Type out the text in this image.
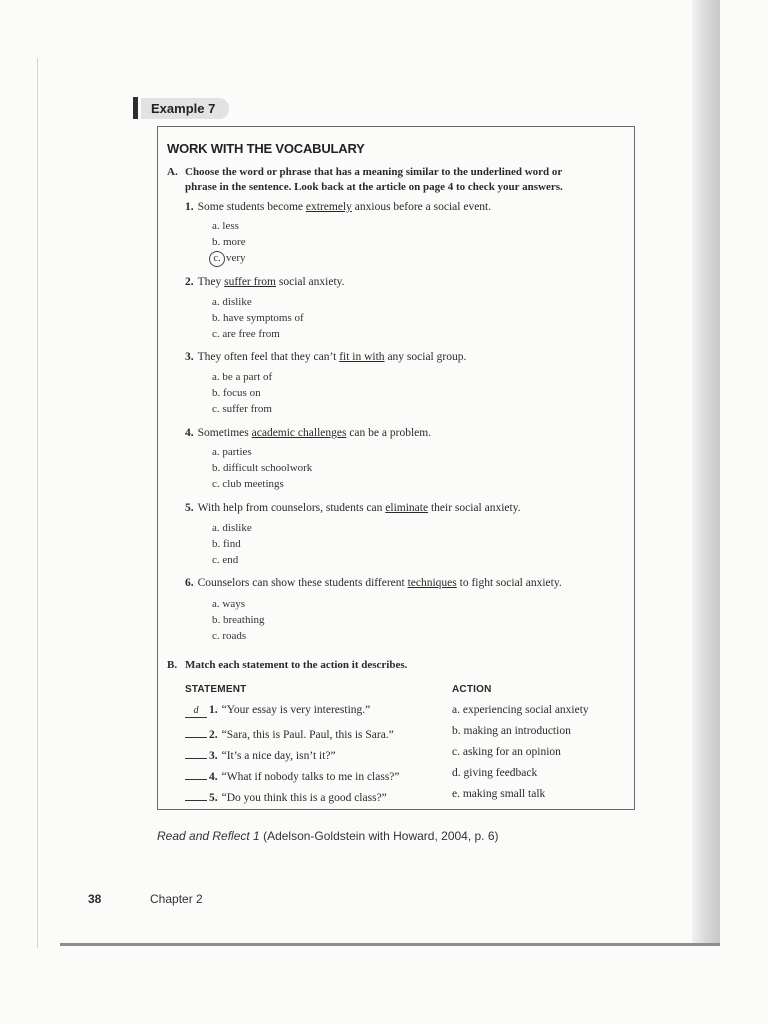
Example 7
WORK WITH THE VOCABULARY
A. Choose the word or phrase that has a meaning similar to the underlined word or
phrase in the sentence. Look back at the article on page 4 to check your answers.
1. Some students become extremely anxious before a social event.
a. less
b. more
c. very
2. They suffer from social anxiety.
a. dislike
b. have symptoms of
c. are free from
3. They often feel that they can’t fit in with any social group.
a. be a part of
b. focus on
c. suffer from
4. Sometimes academic challenges can be a problem.
a. parties
b. difficult schoolwork
c. club meetings
5. With help from counselors, students can eliminate their social anxiety.
a. dislike
b. find
c. end
6. Counselors can show these students different techniques to fight social anxiety.
a. ways
b. breathing
c. roads
B. Match each statement to the action it describes.
STATEMENT	ACTION
d 1. “Your essay is very interesting.”
2. “Sara, this is Paul. Paul, this is Sara.”
3. “It’s a nice day, isn’t it?”
4. “What if nobody talks to me in class?”
5. “Do you think this is a good class?”
a. experiencing social anxiety
b. making an introduction
c. asking for an opinion
d. giving feedback
e. making small talk
Read and Reflect 1 (Adelson-Goldstein with Howard, 2004, p. 6)
38	Chapter 2
